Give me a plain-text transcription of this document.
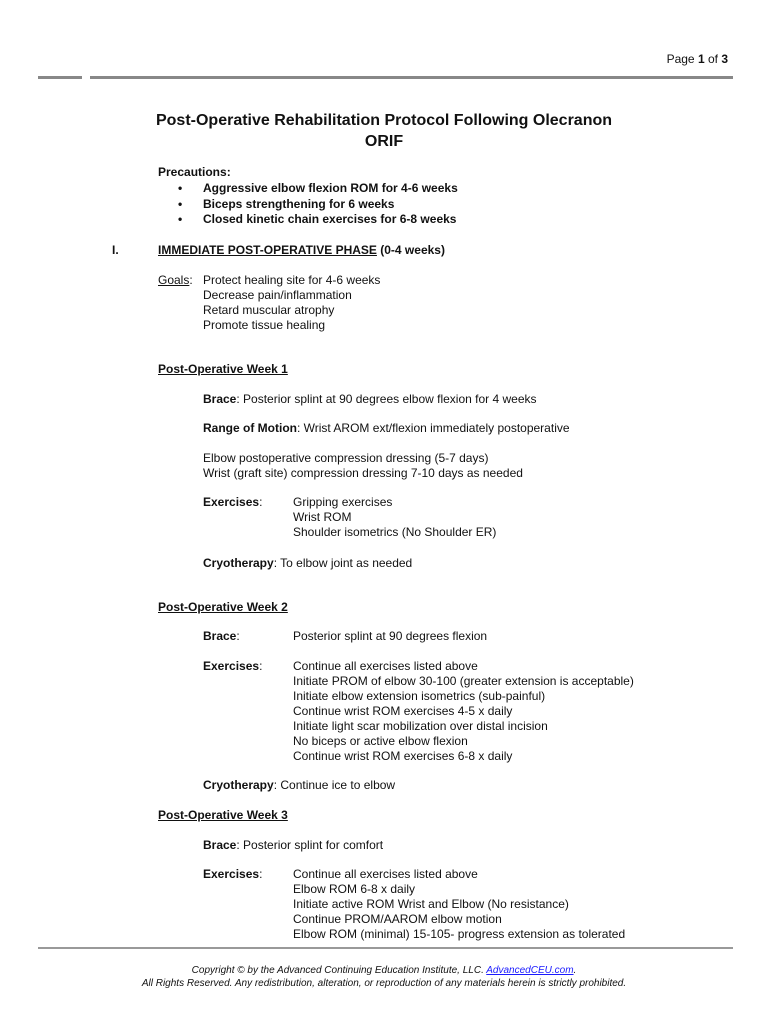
Page 1 of 3
Post-Operative Rehabilitation Protocol Following Olecranon
ORIF
Precautions:
• Aggressive elbow flexion ROM for 4-6 weeks
• Biceps strengthening for 6 weeks
• Closed kinetic chain exercises for 6-8 weeks
I.	IMMEDIATE POST-OPERATIVE PHASE (0-4 weeks)
Goals: Protect healing site for 4-6 weeks
Decrease pain/inflammation
Retard muscular atrophy
Promote tissue healing
Post-Operative Week 1
Brace: Posterior splint at 90 degrees elbow flexion for 4 weeks
Range of Motion: Wrist AROM ext/flexion immediately postoperative
Elbow postoperative compression dressing (5-7 days)
Wrist (graft site) compression dressing 7-10 days as needed
Exercises:	Gripping exercises
Wrist ROM
Shoulder isometrics (No Shoulder ER)
Cryotherapy: To elbow joint as needed
Post-Operative Week 2
Brace:	Posterior splint at 90 degrees flexion
Exercises:	Continue all exercises listed above
Initiate PROM of elbow 30-100 (greater extension is acceptable)
Initiate elbow extension isometrics (sub-painful)
Continue wrist ROM exercises 4-5 x daily
Initiate light scar mobilization over distal incision
No biceps or active elbow flexion
Continue wrist ROM exercises 6-8 x daily
Cryotherapy: Continue ice to elbow
Post-Operative Week 3
Brace: Posterior splint for comfort
Exercises:	Continue all exercises listed above
Elbow ROM 6-8 x daily
Initiate active ROM Wrist and Elbow (No resistance)
Continue PROM/AAROM elbow motion
Elbow ROM (minimal) 15-105- progress extension as tolerated
Copyright © by the Advanced Continuing Education Institute, LLC. AdvancedCEU.com.
All Rights Reserved. Any redistribution, alteration, or reproduction of any materials herein is strictly prohibited.
